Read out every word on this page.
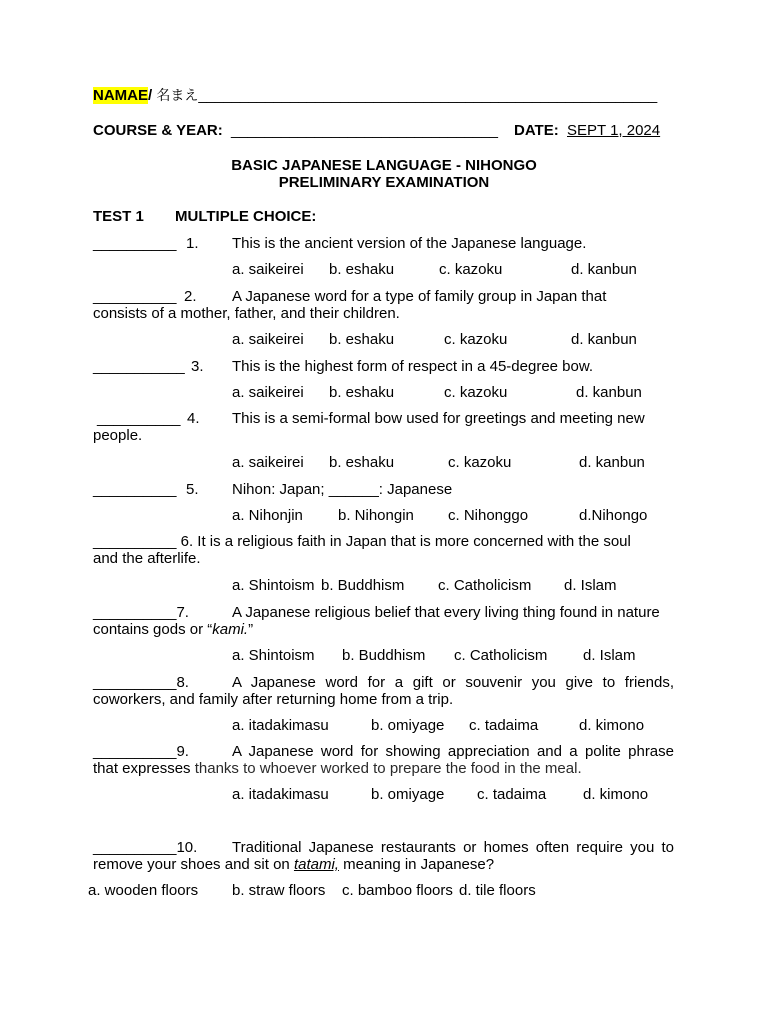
NAMAE/ 名まえ_______________________________________________________
COURSE & YEAR: ________________________________ DATE: SEPT 1, 2024
BASIC JAPANESE LANGUAGE - NIHONGO
PRELIMINARY EXAMINATION
TEST 1 MULTIPLE CHOICE:
__________ 1. This is the ancient version of the Japanese language.
a. saikeirei b. eshaku	c. kazoku	d. kanbun
__________ 2. A Japanese word for a type of family group in Japan that
consists of a mother, father, and their children.
a. saikeirei b. eshaku	c. kazoku	d. kanbun
___________ 3. This is the highest form of respect in a 45-degree bow.
a. saikeirei b. eshaku	c. kazoku	d. kanbun
__________ 4. This is a semi-formal bow used for greetings and meeting new
people.
a. saikeirei b. eshaku	c. kazoku	d. kanbun
__________ 5. Nihon: Japan; ______: Japanese
a. Nihonjin b. Nihongin c. Nihonggo	d.Nihongo
__________ 6. It is a religious faith in Japan that is more concerned with the soul
and the afterlife.
a. Shintoism b. Buddhism c. Catholicism d. Islam
__________7.	A Japanese religious belief that every living thing found in nature
contains gods or “kami.”
a. Shintoism b. Buddhism c. Catholicism d. Islam
__________8.	A Japanese word for a gift or souvenir you give to friends,
coworkers, and family after returning home from a trip.
a. itadakimasu	b. omiyage c. tadaima	d. kimono
__________9.	A Japanese word for showing appreciation and a polite phrase
that expresses thanks to whoever worked to prepare the food in the meal.
a. itadakimasu	b. omiyage c. tadaima d. kimono
__________10. Traditional Japanese restaurants or homes often require you to
remove your shoes and sit on tatami, meaning in Japanese?
a. wooden floors b. straw floors c. bamboo floors d. tile floors
